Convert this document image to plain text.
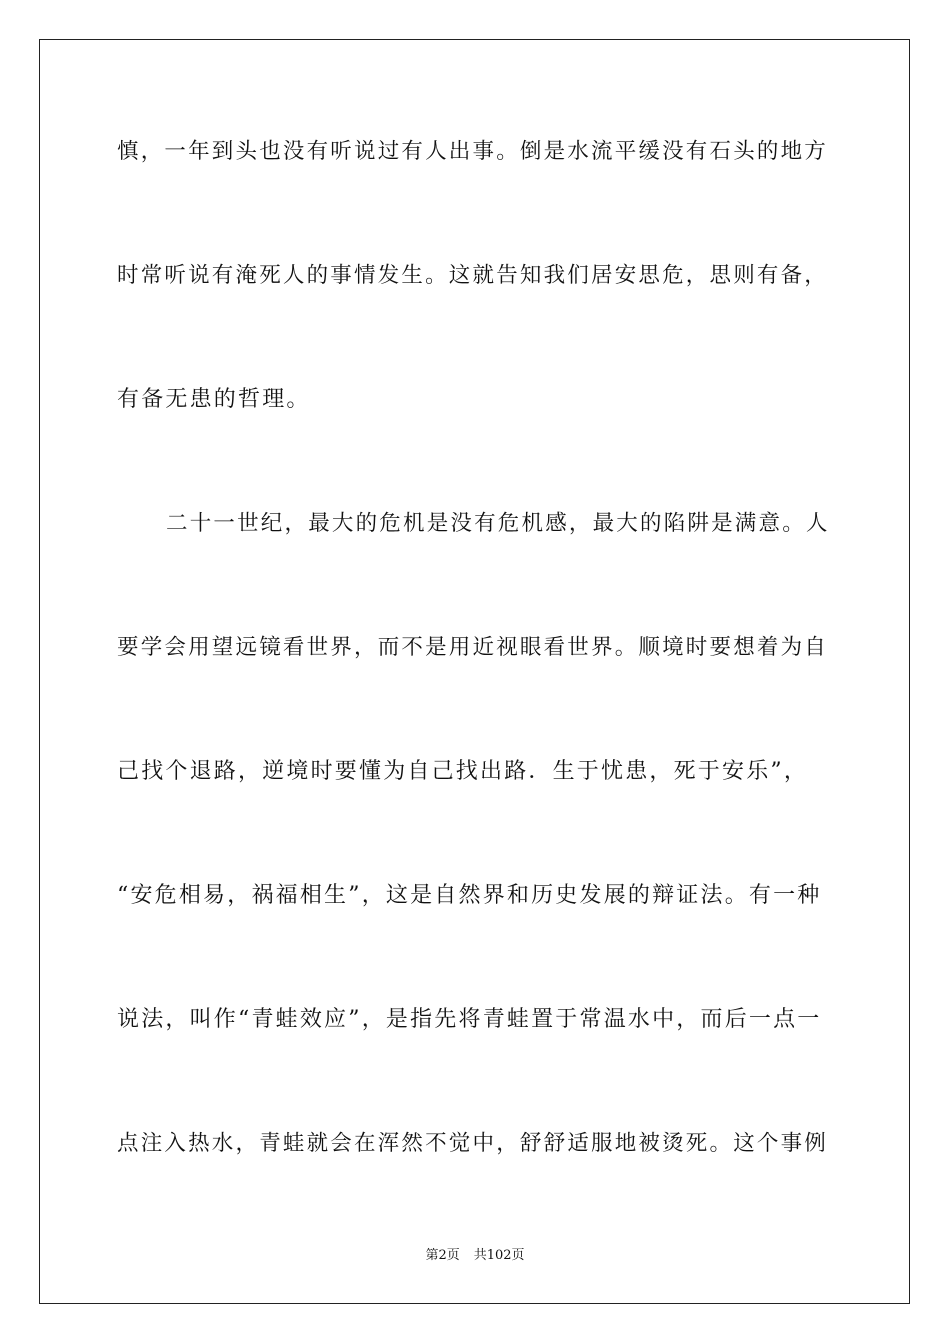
慎，一年到头也没有听说过有人出事。倒是水流平缓没有石头的地方
时常听说有淹死人的事情发生。这就告知我们居安思危，思则有备，
有备无患的哲理。
二十一世纪，最大的危机是没有危机感，最大的陷阱是满意。人
要学会用望远镜看世界，而不是用近视眼看世界。顺境时要想着为自
己找个退路，逆境时要懂为自己找出路．生于忧患，死于安乐”，
“安危相易，祸福相生”，这是自然界和历史发展的辩证法。有一种
说法，叫作“青蛙效应”，是指先将青蛙置于常温水中，而后一点一
点注入热水，青蛙就会在浑然不觉中，舒舒适服地被烫死。这个事例
第2页 共102页
